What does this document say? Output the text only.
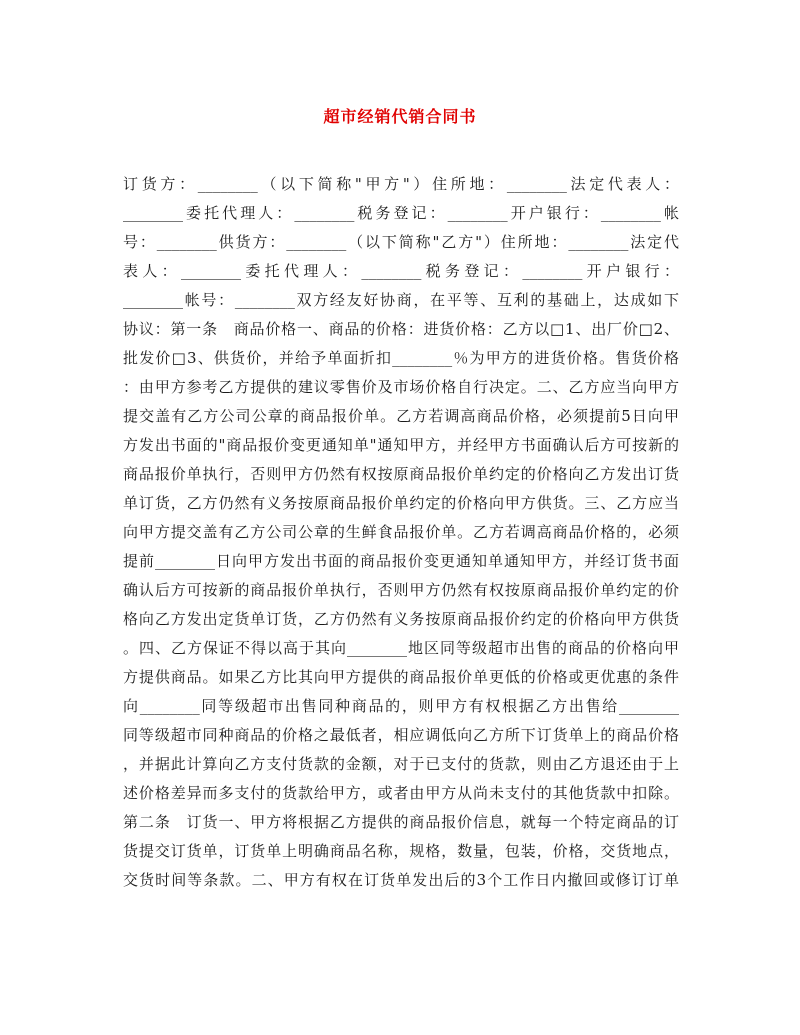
超市经销代销合同书
订货方：________（以下简称"甲方"）住所地：________法定代表人：
________委托代理人：________税务登记：________开户银行：________帐
号：________供货方：________（以下简称"乙方"）住所地：________法定代
表人：________委托代理人：________税务登记：________开户银行：
________帐号：________双方经友好协商，在平等、互利的基础上，达成如下
协议：第一条　商品价格一、商品的价格：进货价格：乙方以□1、出厂价□2、
批发价□3、供货价，并给予单面折扣________％为甲方的进货价格。售货价格
：由甲方参考乙方提供的建议零售价及市场价格自行决定。二、乙方应当向甲方
提交盖有乙方公司公章的商品报价单。乙方若调高商品价格，必须提前5日向甲
方发出书面的"商品报价变更通知单"通知甲方，并经甲方书面确认后方可按新的
商品报价单执行，否则甲方仍然有权按原商品报价单约定的价格向乙方发出订货
单订货，乙方仍然有义务按原商品报价单约定的价格向甲方供货。三、乙方应当
向甲方提交盖有乙方公司公章的生鲜食品报价单。乙方若调高商品价格的，必须
提前________日向甲方发出书面的商品报价变更通知单通知甲方，并经订货书面
确认后方可按新的商品报价单执行，否则甲方仍然有权按原商品报价单约定的价
格向乙方发出定货单订货，乙方仍然有义务按原商品报价约定的价格向甲方供货
。四、乙方保证不得以高于其向________地区同等级超市出售的商品的价格向甲
方提供商品。如果乙方比其向甲方提供的商品报价单更低的价格或更优惠的条件
向________同等级超市出售同种商品的，则甲方有权根据乙方出售给________
同等级超市同种商品的价格之最低者，相应调低向乙方所下订货单上的商品价格
，并据此计算向乙方支付货款的金额，对于已支付的货款，则由乙方退还由于上
述价格差异而多支付的货款给甲方，或者由甲方从尚未支付的其他货款中扣除。
第二条　订货一、甲方将根据乙方提供的商品报价信息，就每一个特定商品的订
货提交订货单，订货单上明确商品名称，规格，数量，包装，价格，交货地点，
交货时间等条款。二、甲方有权在订货单发出后的3个工作日内撤回或修订订单
